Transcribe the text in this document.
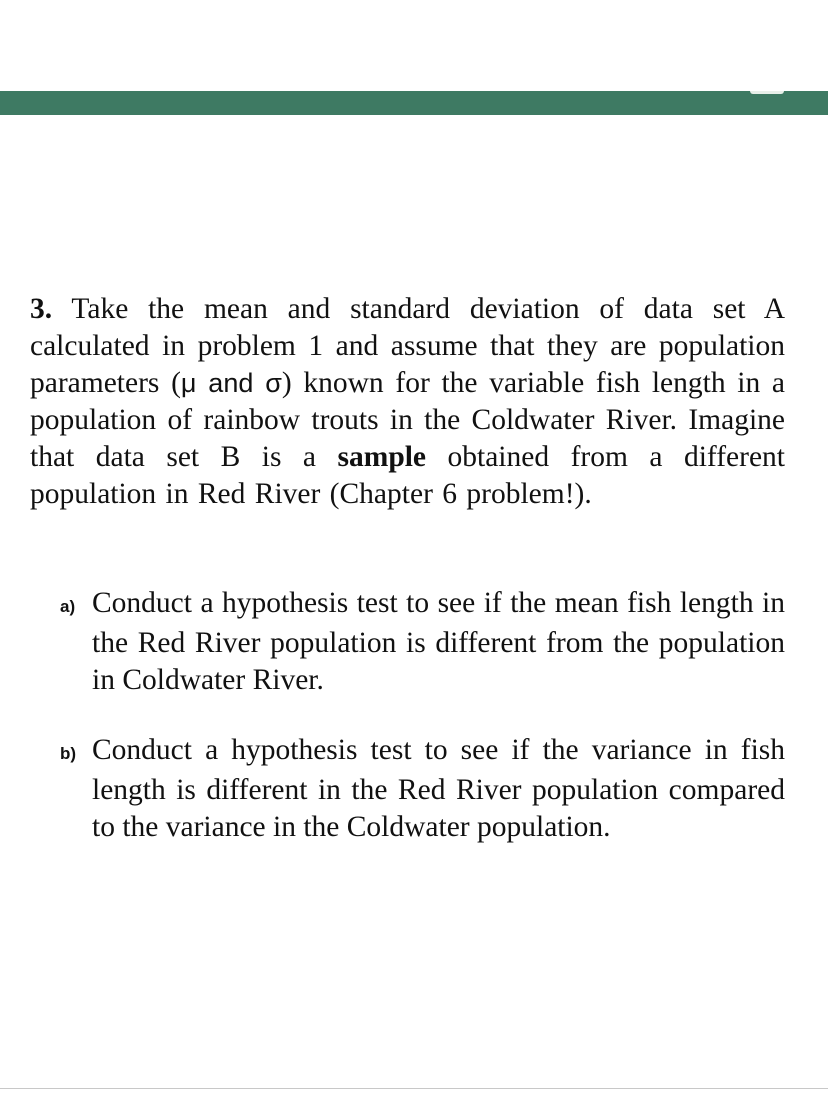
3. Take the mean and standard deviation of data set A calculated in problem 1 and assume that they are population parameters (μ and σ) known for the variable fish length in a population of rainbow trouts in the Coldwater River. Imagine that data set B is a sample obtained from a different population in Red River (Chapter 6 problem!).

a) Conduct a hypothesis test to see if the mean fish length in the Red River population is different from the population in Coldwater River.

b) Conduct a hypothesis test to see if the variance in fish length is different in the Red River population compared to the variance in the Coldwater population.
